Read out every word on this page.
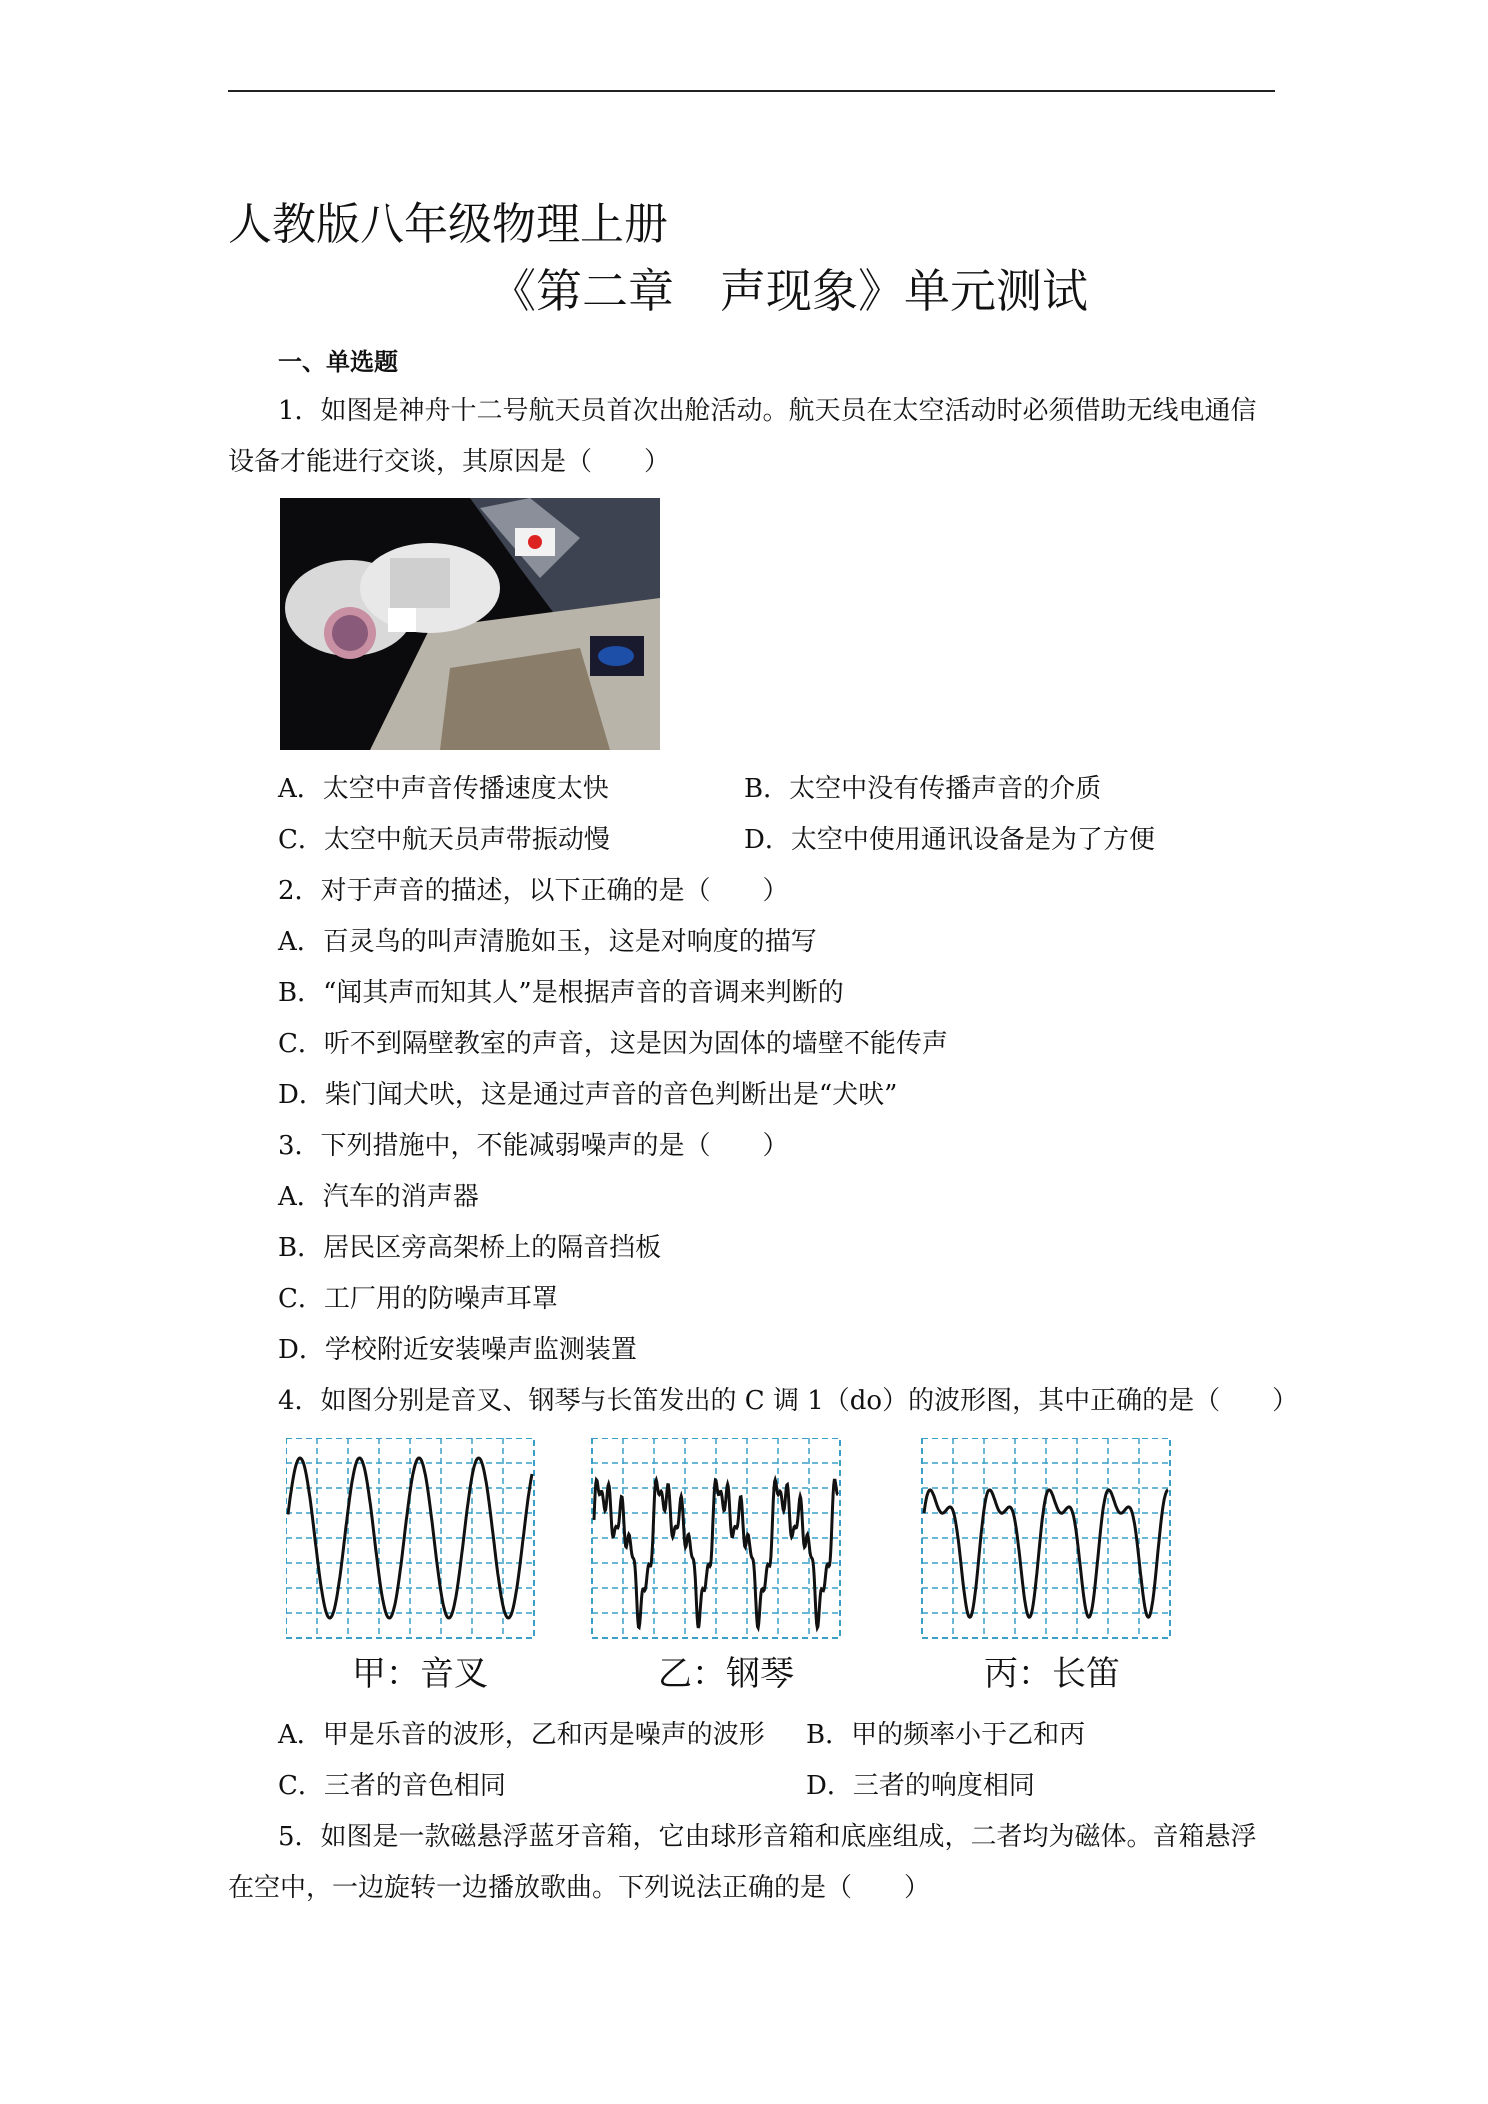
人教版八年级物理上册
《第二章　声现象》单元测试
一、单选题
1．如图是神舟十二号航天员首次出舱活动。航天员在太空活动时必须借助无线电通信
设备才能进行交谈，其原因是（　　）
A．太空中声音传播速度太快	B．太空中没有传播声音的介质
C．太空中航天员声带振动慢	D．太空中使用通讯设备是为了方便
2．对于声音的描述，以下正确的是（　　）
A．百灵鸟的叫声清脆如玉，这是对响度的描写
B．“闻其声而知其人”是根据声音的音调来判断的
C．听不到隔壁教室的声音，这是因为固体的墙壁不能传声
D．柴门闻犬吠，这是通过声音的音色判断出是“犬吠”
3．下列措施中，不能减弱噪声的是（　　）
A．汽车的消声器
B．居民区旁高架桥上的隔音挡板
C．工厂用的防噪声耳罩
D．学校附近安装噪声监测装置
4．如图分别是音叉、钢琴与长笛发出的 C 调 1（do）的波形图，其中正确的是（　　）
甲：音叉	乙：钢琴	丙：长笛
A．甲是乐音的波形，乙和丙是噪声的波形 B．甲的频率小于乙和丙
C．三者的音色相同	D．三者的响度相同
5．如图是一款磁悬浮蓝牙音箱，它由球形音箱和底座组成，二者均为磁体。音箱悬浮
在空中，一边旋转一边播放歌曲。下列说法正确的是（　　）
